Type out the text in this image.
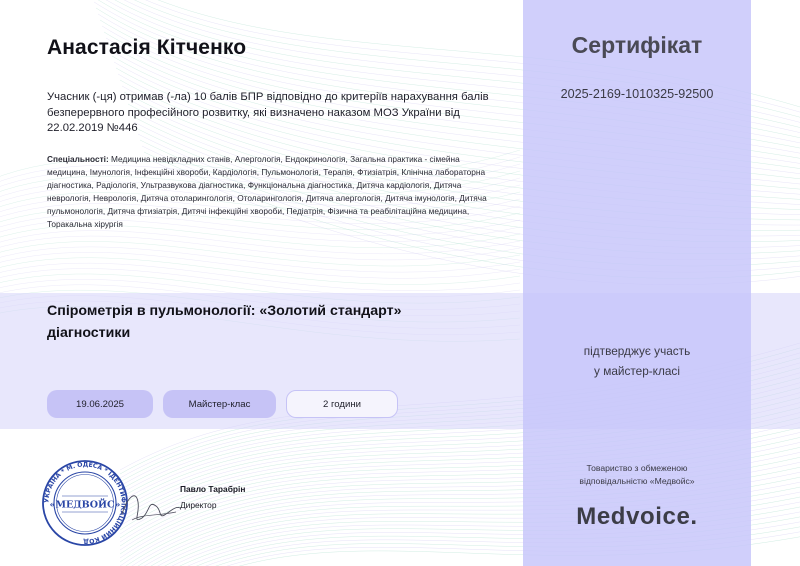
Анастасія Кітченко
Учасник (-ця) отримав (-ла) 10 балів БПР відповідно до критеріїв нарахування балів безперервного професійного розвитку, які визначено наказом МОЗ України від 22.02.2019 №446
Спеціальності: Медицина невідкладних станів, Алергологія, Ендокринологія, Загальна практика - сімейна медицина, Імунологія, Інфекційні хвороби, Кардіологія, Пульмонологія, Терапія, Фтизіатрія, Клінічна лабораторна діагностика, Радіологія, Ультразвукова діагностика, Функціональна діагностика, Дитяча кардіологія, Дитяча неврологія, Неврологія, Дитяча отоларингологія, Отоларингологія, Дитяча алергологія, Дитяча імунологія, Дитяча пульмонологія, Дитяча фтизіатрія, Дитячі інфекційні хвороби, Педіатрія, Фізична та реабілітаційна медицина, Торакальна хірургія
Спірометрія в пульмонології: «Золотий стандарт» діагностики
19.06.2025	Майстер-клас	2 години
УКРАЇНА * М. ОДЕСА * ІДЕНТИФІКАЦІЙНИЙ КОД
«МЕДВОЙС»
Павло Тарабрін
Директор
Сертифікат
2025-2169-1010325-92500
підтверджує участь
у майстер-класі
Товариство з обмеженою
відповідальністю «Медвойс»
Medvoice.
